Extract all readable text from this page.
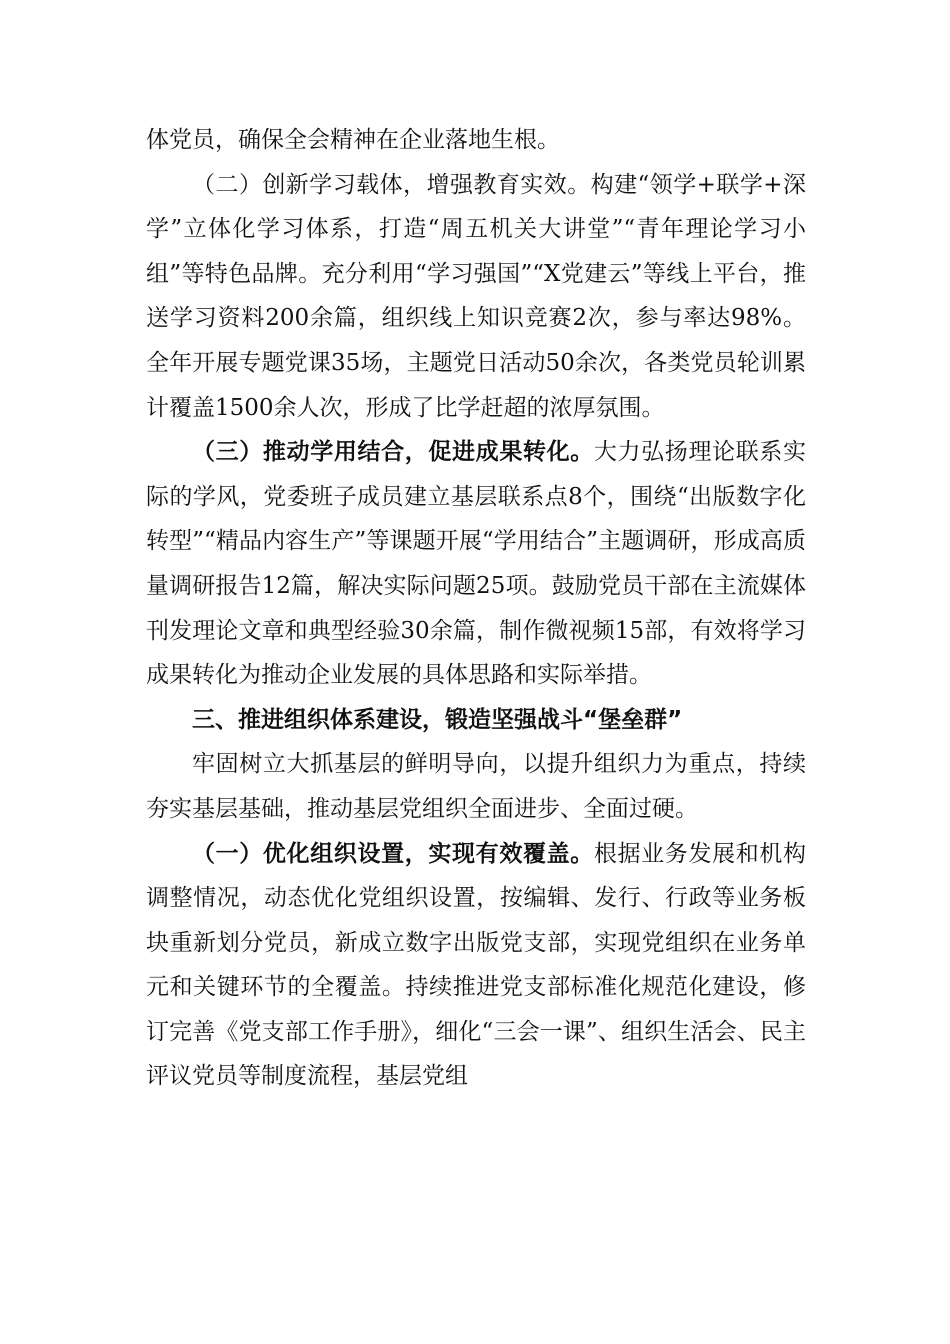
体党员，确保全会精神在企业落地生根。

（二）创新学习载体，增强教育实效。构建“领学+联学+深学”立体化学习体系，打造“周五机关大讲堂”“青年理论学习小组”等特色品牌。充分利用“学习强国”“X党建云”等线上平台，推送学习资料200余篇，组织线上知识竞赛2次，参与率达98%。全年开展专题党课35场，主题党日活动50余次，各类党员轮训累计覆盖1500余人次，形成了比学赶超的浓厚氛围。

（三）推动学用结合，促进成果转化。大力弘扬理论联系实际的学风，党委班子成员建立基层联系点8个，围绕“出版数字化转型”“精品内容生产”等课题开展“学用结合”主题调研，形成高质量调研报告12篇，解决实际问题25项。鼓励党员干部在主流媒体刊发理论文章和典型经验30余篇，制作微视频15部，有效将学习成果转化为推动企业发展的具体思路和实际举措。

三、推进组织体系建设，锻造坚强战斗“堡垒群”

牢固树立大抓基层的鲜明导向，以提升组织力为重点，持续夯实基层基础，推动基层党组织全面进步、全面过硬。

（一）优化组织设置，实现有效覆盖。根据业务发展和机构调整情况，动态优化党组织设置，按编辑、发行、行政等业务板块重新划分党员，新成立数字出版党支部，实现党组织在业务单元和关键环节的全覆盖。持续推进党支部标准化规范化建设，修订完善《党支部工作手册》，细化“三会一课”、组织生活会、民主评议党员等制度流程，基层党组
